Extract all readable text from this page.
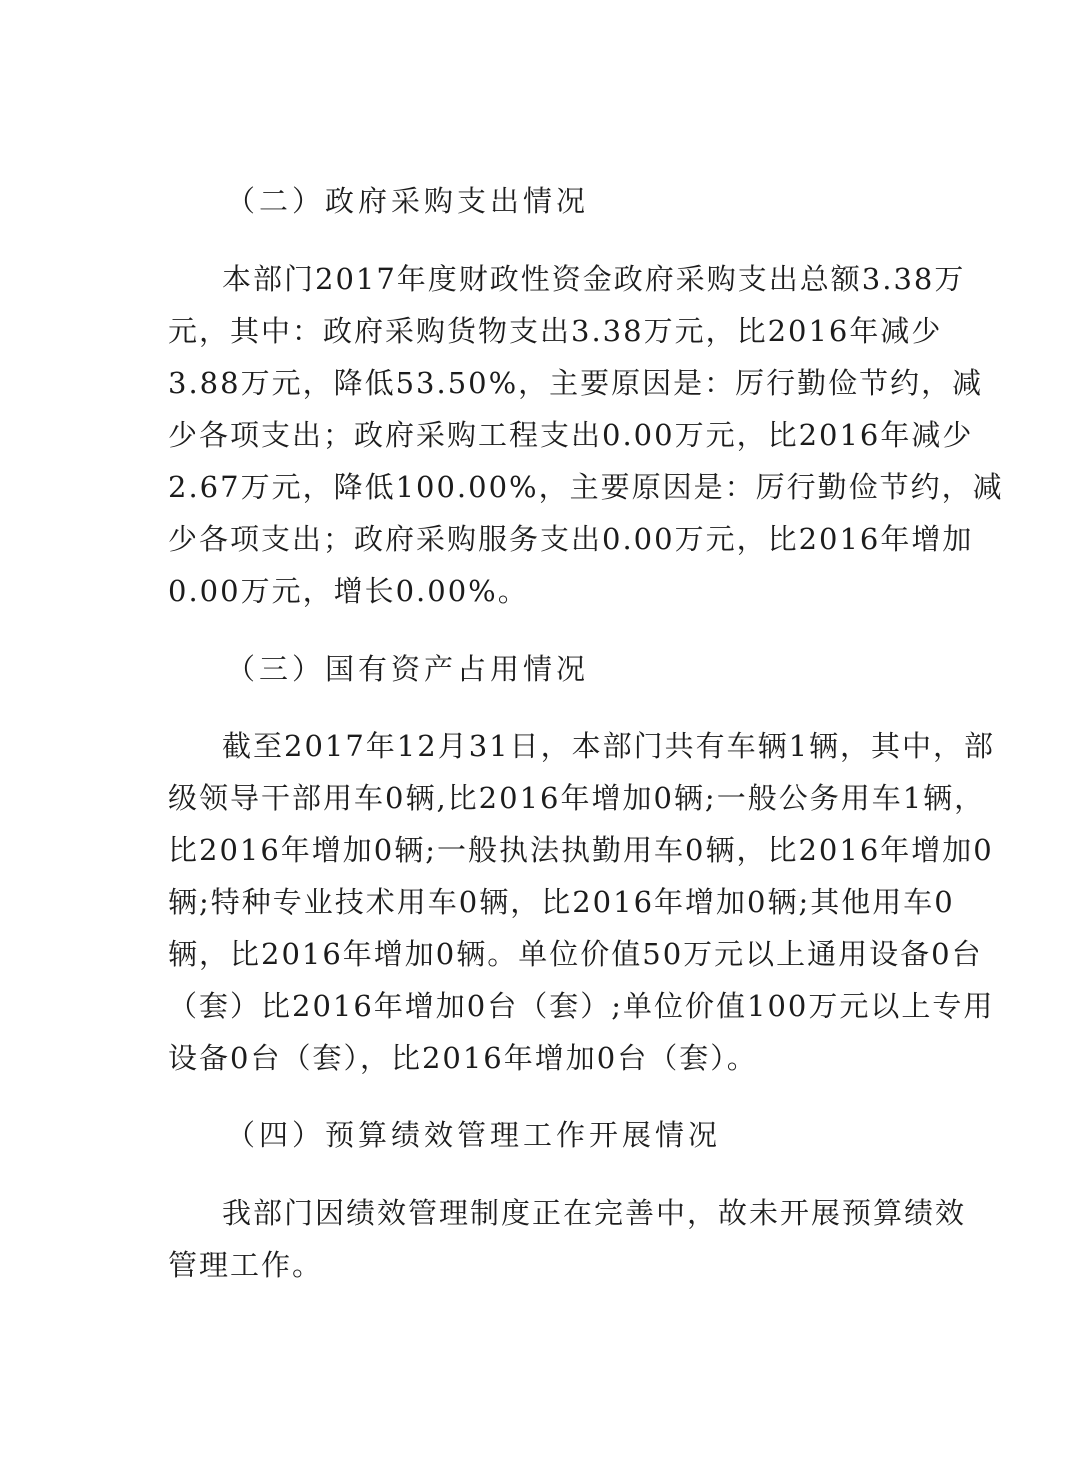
（二）政府采购支出情况
本部门2017年度财政性资金政府采购支出总额3.38万
元，其中：政府采购货物支出3.38万元，比2016年减少
3.88万元，降低53.50%，主要原因是：厉行勤俭节约，减
少各项支出；政府采购工程支出0.00万元，比2016年减少
2.67万元，降低100.00%，主要原因是：厉行勤俭节约，减
少各项支出；政府采购服务支出0.00万元，比2016年增加
0.00万元，增长0.00%。
（三）国有资产占用情况
截至2017年12月31日，本部门共有车辆1辆，其中，部
级领导干部用车0辆,比2016年增加0辆;一般公务用车1辆，
比2016年增加0辆;一般执法执勤用车0辆，比2016年增加0
辆;特种专业技术用车0辆，比2016年增加0辆;其他用车0
辆，比2016年增加0辆。单位价值50万元以上通用设备0台
（套）比2016年增加0台（套）;单位价值100万元以上专用
设备0台（套），比2016年增加0台（套）。
（四）预算绩效管理工作开展情况
我部门因绩效管理制度正在完善中，故未开展预算绩效
管理工作。
